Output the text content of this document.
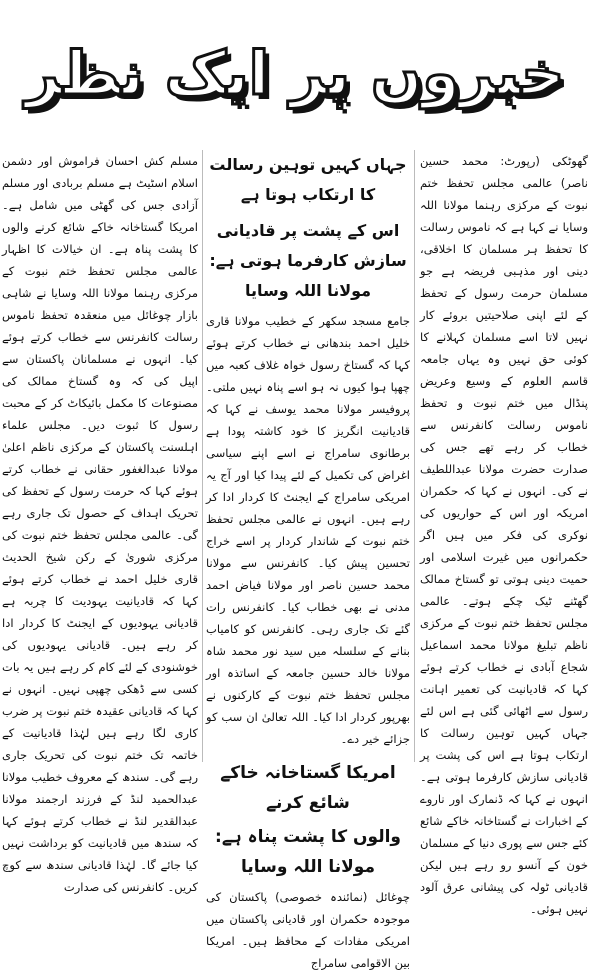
خبروں پر ایک نظر

گھوٹکی (رپورٹ: محمد حسین ناصر) عالمی مجلس تحفظ ختم نبوت کے مرکزی رہنما مولانا اللہ وسایا نے کہا ہے کہ ناموس رسالت کا تحفظ ہر مسلمان کا اخلاقی، دینی اور مذہبی فریضہ ہے جو مسلمان حرمت رسول کے تحفظ کے لئے اپنی صلاحیتیں بروئے کار نہیں لاتا اسے مسلمان کہلانے کا کوئی حق نہیں وہ یہاں جامعہ قاسم العلوم کے وسیع وعریض پنڈال میں ختم نبوت و تحفظ ناموس رسالت کانفرنس سے خطاب کر رہے تھے جس کی صدارت حضرت مولانا عبداللطیف نے کی۔ انہوں نے کہا کہ حکمران امریکہ اور اس کے حواریوں کی نوکری کی فکر میں ہیں اگر حکمرانوں میں غیرت اسلامی اور حمیت دینی ہوتی تو گستاخ ممالک گھٹنے ٹیک چکے ہوتے۔ عالمی مجلس تحفظ ختم نبوت کے مرکزی ناظم تبلیغ مولانا محمد اسماعیل شجاع آبادی نے خطاب کرتے ہوئے کہا کہ قادیانیت کی تعمیر اہانت رسول سے اٹھائی گئی ہے اس لئے جہاں کہیں توہین رسالت کا ارتکاب ہوتا ہے اس کی پشت پر قادیانی سازش کارفرما ہوتی ہے۔ انہوں نے کہا کہ ڈنمارک اور ناروے کے اخبارات نے گستاخانہ خاکے شائع کئے جس سے پوری دنیا کے مسلمان خون کے آنسو رو رہے ہیں لیکن قادیانی ٹولہ کی پیشانی عرق آلود نہیں ہوئی۔

جہاں کہیں توہین رسالت کا ارتکاب ہوتا ہے
اس کے پشت پر قادیانی سازش کارفرما ہوتی ہے: مولانا اللہ وسایا

جامع مسجد سکھر کے خطیب مولانا قاری خلیل احمد بندھانی نے خطاب کرتے ہوئے کہا کہ گستاخ رسول خواہ غلاف کعبہ میں چھپا ہوا کیوں نہ ہو اسے پناہ نہیں ملتی۔ پروفیسر مولانا محمد یوسف نے کہا کہ قادیانیت انگریز کا خود کاشتہ پودا ہے برطانوی سامراج نے اسے اپنے سیاسی اغراض کی تکمیل کے لئے پیدا کیا اور آج یہ امریکی سامراج کے ایجنٹ کا کردار ادا کر رہے ہیں۔ انہوں نے عالمی مجلس تحفظ ختم نبوت کے شاندار کردار پر اسے خراج تحسین پیش کیا۔ کانفرنس سے مولانا محمد حسین ناصر اور مولانا فیاض احمد مدنی نے بھی خطاب کیا۔ کانفرنس رات گئے تک جاری رہی۔ کانفرنس کو کامیاب بنانے کے سلسلہ میں سید نور محمد شاہ مولانا خالد حسین جامعہ کے اساتذہ اور مجلس تحفظ ختم نبوت کے کارکنوں نے بھرپور کردار ادا کیا۔ اللہ تعالیٰ ان سب کو جزائے خیر دے۔

امریکا گستاخانہ خاکے شائع کرنے
والوں کا پشت پناہ ہے: مولانا اللہ وسایا

چوغائل (نمائندہ خصوصی) پاکستان کی موجودہ حکمران اور قادیانی پاکستان میں امریکی مفادات کے محافظ ہیں۔ امریکا بین الاقوامی سامراج

مسلم کش احسان فراموش اور دشمن اسلام اسٹیٹ ہے مسلم بربادی اور مسلم آزادی جس کی گھٹی میں شامل ہے۔ امریکا گستاخانہ خاکے شائع کرنے والوں کا پشت پناہ ہے۔ ان خیالات کا اظہار عالمی مجلس تحفظ ختم نبوت کے مرکزی رہنما مولانا اللہ وسایا نے شاہی بازار چوغائل میں منعقدہ تحفظ ناموس رسالت کانفرنس سے خطاب کرتے ہوئے کیا۔ انہوں نے مسلمانان پاکستان سے اپیل کی کہ وہ گستاخ ممالک کی مصنوعات کا مکمل بائیکاٹ کر کے محبت رسول کا ثبوت دیں۔ مجلس علماء اہلسنت پاکستان کے مرکزی ناظم اعلیٰ مولانا عبدالغفور حقانی نے خطاب کرتے ہوئے کہا کہ حرمت رسول کے تحفظ کی تحریک اہداف کے حصول تک جاری رہے گی۔ عالمی مجلس تحفظ ختم نبوت کی مرکزی شوریٰ کے رکن شیخ الحدیث قاری خلیل احمد نے خطاب کرتے ہوئے کہا کہ قادیانیت یہودیت کا چربہ ہے قادیانی یہودیوں کے ایجنٹ کا کردار ادا کر رہے ہیں۔ قادیانی یہودیوں کی خوشنودی کے لئے کام کر رہے ہیں یہ بات کسی سے ڈھکی چھپی نہیں۔ انہوں نے کہا کہ قادیانی عقیدہ ختم نبوت پر ضرب کاری لگا رہے ہیں لہٰذا قادیانیت کے خاتمہ تک ختم نبوت کی تحریک جاری رہے گی۔ سندھ کے معروف خطیب مولانا عبدالحمید لنڈ کے فرزند ارجمند مولانا عبدالقدیر لنڈ نے خطاب کرتے ہوئے کہا کہ سندھ میں قادیانیت کو برداشت نہیں کیا جائے گا۔ لہٰذا قادیانی سندھ سے کوچ کریں۔ کانفرنس کی صدارت
